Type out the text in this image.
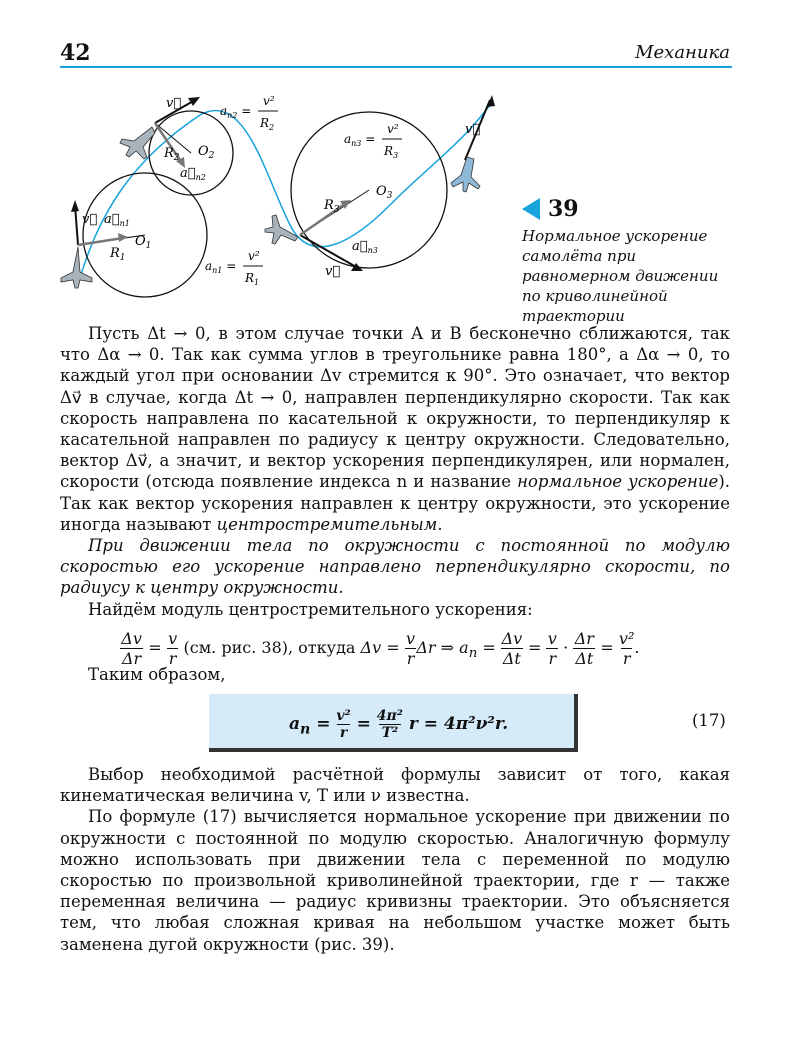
42	Механика
$O_1$
$R_1$
$O_2$
$R_2$
$O_3$
$R_3$
v⃗
v⃗
v⃗
v⃗
$a⃗_{n1}$
$a⃗_{n2}$
$a⃗_{n3}$
$a_{n2}$ =
v²
$R_2$
$a_{n3}$ =
v²
$R_3$
$a_{n1}$ =
v²
$R_1$
39
Нормальное ускорение самолёта при равномерном движении по криволинейной траектории

Пусть Δt → 0, в этом случае точки A и B бесконечно сближаются, так что Δα → 0. Так как сумма углов в треугольнике равна 180°, а Δα → 0, то каждый угол при основании Δv стремится к 90°. Это означает, что вектор Δv⃗ в случае, когда Δt → 0, направлен перпендикулярно скорости. Так как скорость направлена по касательной к окружности, то перпендикуляр к касательной направлен по радиусу к центру окружности. Следовательно, вектор Δv⃗, а значит, и вектор ускорения перпендикулярен, или нормален, скорости (отсюда появление индекса n и название нормальное ускорение). Так как вектор ускорения направлен к центру окружности, это ускорение иногда называют центростремительным.

При движении тела по окружности с постоянной по модулю скоростью его ускорение направлено перпендикулярно скорости, по радиусу к центру окружности.

Найдём модуль центростремительного ускорения:

$\frac{\Delta v}{\Delta r} = \frac{v}{r} (см$. рис. 38), откуда $\Delta v = \frac{v}{r}$ Δr ⇒ $a_n = \frac{\Delta v}{\Delta t} = \frac{v}{r} \cdot \frac{\Delta r}{\Delta t} = \frac{\text{v²}}{r}$ .
Таким образом,
$a_n = \frac{\text{v²}}{r} = \frac{\text{4π²}}{\text{T²}}$ r = 4π²ν²r.	(17)

Выбор необходимой расчётной формулы зависит от того, какая кинематическая величина v, T или ν известна.

По формуле (17) вычисляется нормальное ускорение при движении по окружности с постоянной по модулю скоростью. Аналогичную формулу можно использовать при движении тела с переменной по модулю скоростью по произвольной криволинейной траектории, где r — также переменная величина — радиус кривизны траектории. Это объясняется тем, что любая сложная кривая на небольшом участке может быть заменена дугой окружности (рис. 39).
